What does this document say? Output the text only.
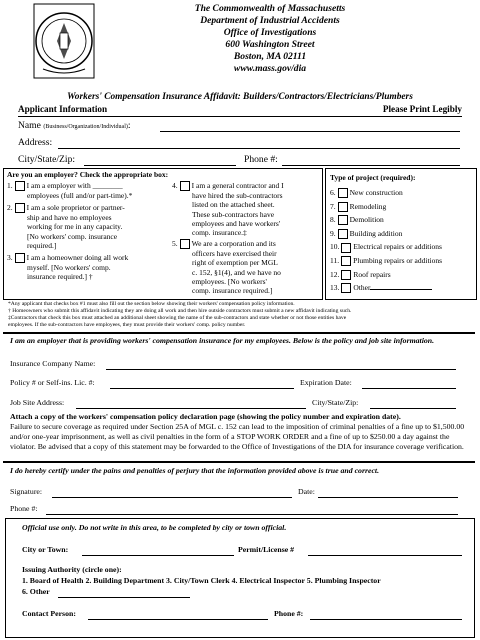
The Commonwealth of Massachusetts
Department of Industrial Accidents
Office of Investigations
600 Washington Street
Boston, MA 02111
www.mass.gov/dia
Workers' Compensation Insurance Affidavit: Builders/Contractors/Electricians/Plumbers
Applicant Information	Please Print Legibly
Name (Business/Organization/Individual):
Address:
City/State/Zip:	Phone #:
Are you an employer? Check the appropriate box:
1. I am a employer with ________
employees (full and/or part-time).*
2. I am a sole proprietor or partner-
ship and have no employees
working for me in any capacity.
[No workers' comp. insurance
required.]
3. I am a homeowner doing all work
myself. [No workers' comp.
insurance required.] †
4. I am a general contractor and I
have hired the sub-contractors
listed on the attached sheet.
These sub-contractors have
employees and have workers'
comp. insurance.‡
5. We are a corporation and its
officers have exercised their
right of exemption per MGL
c. 152, §1(4), and we have no
employees. [No workers'
comp. insurance required.]
Type of project (required):
6. New construction
7. Remodeling
8. Demolition
9. Building addition
10. Electrical repairs or additions
11. Plumbing repairs or additions
12. Roof repairs
13. Other
*Any applicant that checks box #1 must also fill out the section below showing their workers' compensation policy information.
† Homeowners who submit this affidavit indicating they are doing all work and then hire outside contractors must submit a new affidavit indicating such.
‡Contractors that check this box must attached an additional sheet showing the name of the sub-contractors and state whether or not those entities have
employees. If the sub-contractors have employees, they must provide their workers' comp. policy number.
I am an employer that is providing workers' compensation insurance for my employees. Below is the policy and job site information.
Insurance Company Name:
Policy # or Self-ins. Lic. #:	Expiration Date:
Job Site Address:	City/State/Zip:
Attach a copy of the workers' compensation policy declaration page (showing the policy number and expiration date).
Failure to secure coverage as required under Section 25A of MGL c. 152 can lead to the imposition of criminal penalties of a fine up to $1,500.00 and/or one-year imprisonment, as well as civil penalties in the form of a STOP WORK ORDER and a fine of up to $250.00 a day against the violator. Be advised that a copy of this statement may be forwarded to the Office of Investigations of the DIA for insurance coverage verification.
I do hereby certify under the pains and penalties of perjury that the information provided above is true and correct.
Signature:	Date:
Phone #:
Official use only. Do not write in this area, to be completed by city or town official.
City or Town:	Permit/License #
Issuing Authority (circle one):
1. Board of Health 2. Building Department 3. City/Town Clerk 4. Electrical Inspector 5. Plumbing Inspector
6. Other
Contact Person:	Phone #:
